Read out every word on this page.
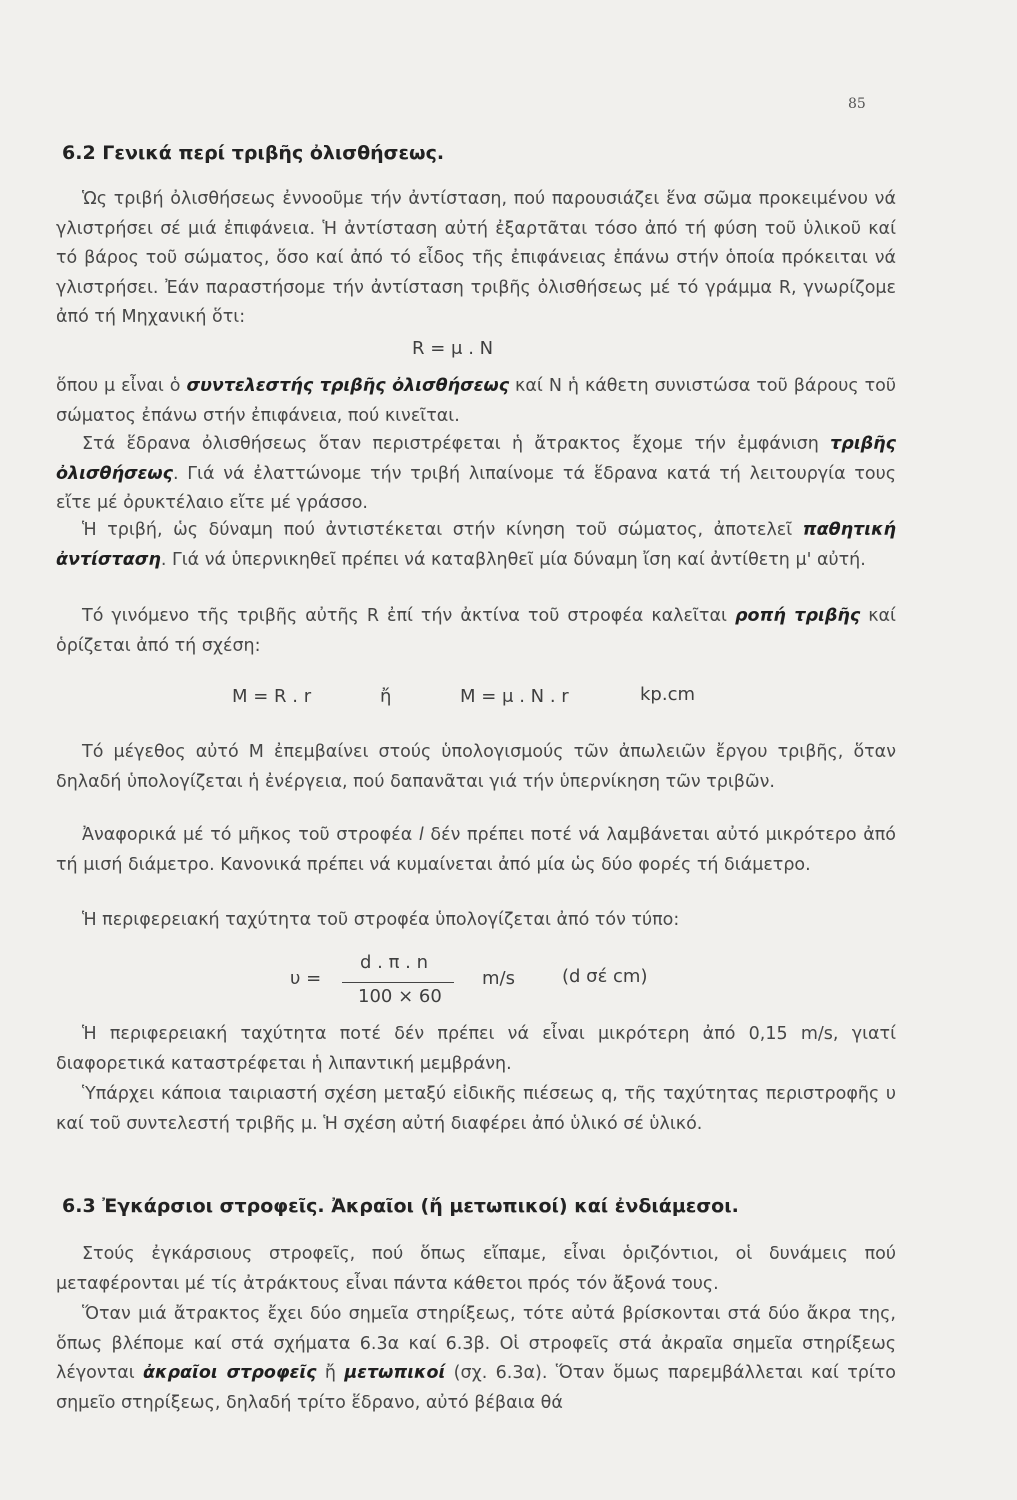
85
6.2 Γενικά περί τριβῆς ὀλισθήσεως.
Ὡς τριβή ὀλισθήσεως ἐννοοῦμε τήν ἀντίσταση, πού παρουσιάζει ἕνα σῶμα προκειμένου νά γλιστρήσει σέ μιά ἐπιφάνεια. Ἡ ἀντίσταση αὐτή ἐξαρτᾶται τόσο ἀπό τή φύση τοῦ ὑλικοῦ καί τό βάρος τοῦ σώματος, ὅσο καί ἀπό τό εἶδος τῆς ἐπιφάνειας ἐπάνω στήν ὁποία πρόκειται νά γλιστρήσει. Ἐάν παραστήσομε τήν ἀντίσταση τριβῆς ὀλισθήσεως μέ τό γράμμα R, γνωρίζομε ἀπό τή Μηχανική ὅτι:
R = μ . N
ὅπου μ εἶναι ὁ συντελεστής τριβῆς ὀλισθήσεως καί N ἡ κάθετη συνιστώσα τοῦ βάρους τοῦ σώματος ἐπάνω στήν ἐπιφάνεια, πού κινεῖται.
Στά ἕδρανα ὀλισθήσεως ὅταν περιστρέφεται ἡ ἄτρακτος ἔχομε τήν ἐμφάνιση τριβῆς ὀλισθήσεως. Γιά νά ἐλαττώνομε τήν τριβή λιπαίνομε τά ἕδρανα κατά τή λειτουργία τους εἴτε μέ ὀρυκτέλαιο εἴτε μέ γράσσο.
Ἡ τριβή, ὡς δύναμη πού ἀντιστέκεται στήν κίνηση τοῦ σώματος, ἀποτελεῖ παθητική ἀντίσταση. Γιά νά ὑπερνικηθεῖ πρέπει νά καταβληθεῖ μία δύναμη ἴση καί ἀντίθετη μ' αὐτή.
Τό γινόμενο τῆς τριβῆς αὐτῆς R ἐπί τήν ἀκτίνα τοῦ στροφέα καλεῖται ροπή τριβῆς καί ὁρίζεται ἀπό τή σχέση:
M = R . r	ἤ	M = μ . N . r	kp.cm
Τό μέγεθος αὐτό M ἐπεμβαίνει στούς ὑπολογισμούς τῶν ἀπωλειῶν ἔργου τριβῆς, ὅταν δηλαδή ὑπολογίζεται ἡ ἐνέργεια, πού δαπανᾶται γιά τήν ὑπερνίκηση τῶν τριβῶν.
Ἀναφορικά μέ τό μῆκος τοῦ στροφέα l δέν πρέπει ποτέ νά λαμβάνεται αὐτό μικρότερο ἀπό τή μισή διάμετρο. Κανονικά πρέπει νά κυμαίνεται ἀπό μία ὡς δύο φορές τή διάμετρο.
Ἡ περιφερειακή ταχύτητα τοῦ στροφέα ὑπολογίζεται ἀπό τόν τύπο:
υ =
d . π . n
100 × 60
m/s	(d σέ cm)
Ἡ περιφερειακή ταχύτητα ποτέ δέν πρέπει νά εἶναι μικρότερη ἀπό 0,15 m/s, γιατί διαφορετικά καταστρέφεται ἡ λιπαντική μεμβράνη.
Ὑπάρχει κάποια ταιριαστή σχέση μεταξύ εἰδικῆς πιέσεως q, τῆς ταχύτητας περιστροφῆς υ καί τοῦ συντελεστή τριβῆς μ. Ἡ σχέση αὐτή διαφέρει ἀπό ὑλικό σέ ὑλικό.
6.3 Ἐγκάρσιοι στροφεῖς. Ἀκραῖοι (ἤ μετωπικοί) καί ἐνδιάμεσοι.
Στούς ἐγκάρσιους στροφεῖς, πού ὅπως εἴπαμε, εἶναι ὁριζόντιοι, οἱ δυνάμεις πού μεταφέρονται μέ τίς ἀτράκτους εἶναι πάντα κάθετοι πρός τόν ἄξονά τους.
Ὅταν μιά ἄτρακτος ἔχει δύο σημεῖα στηρίξεως, τότε αὐτά βρίσκονται στά δύο ἄκρα της, ὅπως βλέπομε καί στά σχήματα 6.3α καί 6.3β. Οἱ στροφεῖς στά ἀκραῖα σημεῖα στηρίξεως λέγονται ἀκραῖοι στροφεῖς ἤ μετωπικοί (σχ. 6.3α). Ὅταν ὅμως παρεμβάλλεται καί τρίτο σημεῖο στηρίξεως, δηλαδή τρίτο ἕδρανο, αὐτό βέβαια θά
